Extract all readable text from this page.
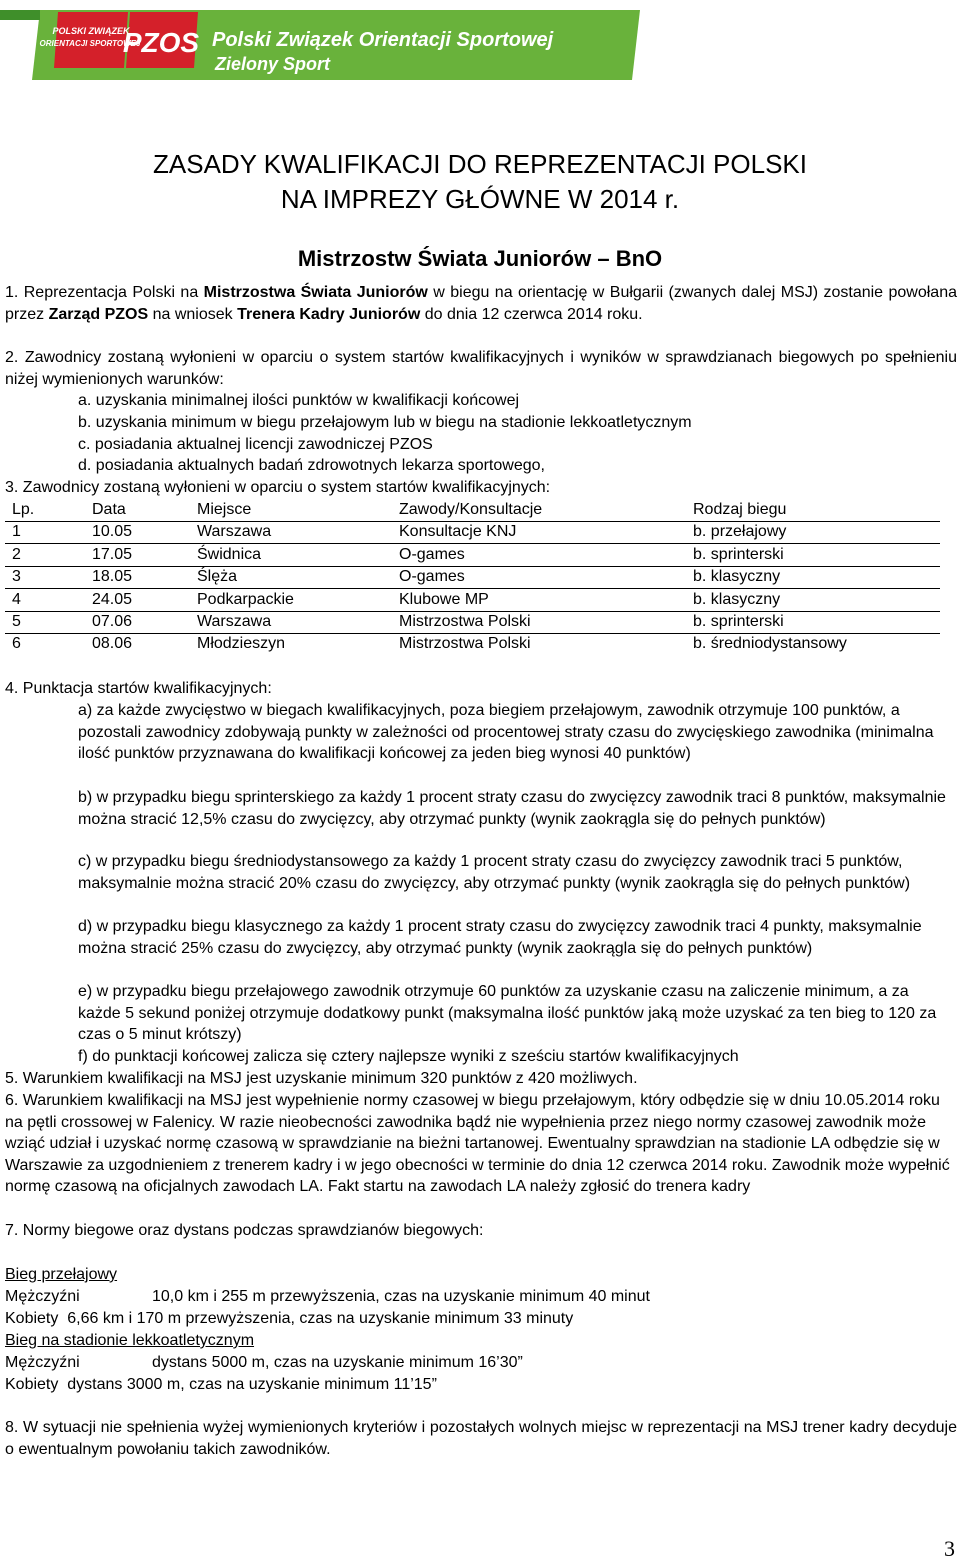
POLSKI ZWIĄZEK
ORIENTACJI SPORTOWEJ
PZOS Polski Związek Orientacji Sportowej
Zielony Sport
ZASADY KWALIFIKACJI DO REPREZENTACJI POLSKI
NA IMPREZY GŁÓWNE W 2014 r.
Mistrzostw Świata Juniorów – BnO
1. Reprezentacja Polski na Mistrzostwa Świata Juniorów w biegu na orientację w Bułgarii (zwanych dalej MSJ) zostanie powołana przez Zarząd PZOS na wniosek Trenera Kadry Juniorów do dnia 12 czerwca 2014 roku.
2. Zawodnicy zostaną wyłonieni w oparciu o system startów kwalifikacyjnych i wyników w sprawdzianach biegowych po spełnieniu niżej wymienionych warunków:
a. uzyskania minimalnej ilości punktów w kwalifikacji końcowej
b. uzyskania minimum w biegu przełajowym lub w biegu na stadionie lekkoatletycznym
c. posiadania aktualnej licencji zawodniczej PZOS
d. posiadania aktualnych badań zdrowotnych lekarza sportowego,
3. Zawodnicy zostaną wyłonieni w oparciu o system startów kwalifikacyjnych:
Lp.	Data	Miejsce	Zawody/Konsultacje	Rodzaj biegu
1	10.05	Warszawa	Konsultacje KNJ	b. przełajowy
2	17.05	Świdnica	O-games	b. sprinterski
3	18.05	Ślęża	O-games	b. klasyczny
4	24.05	Podkarpackie	Klubowe MP	b. klasyczny
5	07.06	Warszawa	Mistrzostwa Polski	b. sprinterski
6	08.06	Młodzieszyn	Mistrzostwa Polski	b. średniodystansowy
4. Punktacja startów kwalifikacyjnych:
a) za każde zwycięstwo w biegach kwalifikacyjnych, poza biegiem przełajowym, zawodnik otrzymuje 100 punktów, a pozostali zawodnicy zdobywają punkty w zależności od procentowej straty czasu do zwycięskiego zawodnika (minimalna ilość punktów przyznawana do kwalifikacji końcowej za jeden bieg wynosi 40 punktów)
b) w przypadku biegu sprinterskiego za każdy 1 procent straty czasu do zwycięzcy zawodnik traci 8 punktów, maksymalnie można stracić 12,5% czasu do zwycięzcy, aby otrzymać punkty (wynik zaokrągla się do pełnych punktów)
c) w przypadku biegu średniodystansowego za każdy 1 procent straty czasu do zwycięzcy zawodnik traci 5 punktów, maksymalnie można stracić 20% czasu do zwycięzcy, aby otrzymać punkty (wynik zaokrągla się do pełnych punktów)
d) w przypadku biegu klasycznego za każdy 1 procent straty czasu do zwycięzcy zawodnik traci 4 punkty, maksymalnie można stracić 25% czasu do zwycięzcy, aby otrzymać punkty (wynik zaokrągla się do pełnych punktów)
e) w przypadku biegu przełajowego zawodnik otrzymuje 60 punktów za uzyskanie czasu na zaliczenie minimum, a za każde 5 sekund poniżej otrzymuje dodatkowy punkt (maksymalna ilość punktów jaką może uzyskać za ten bieg to 120 za czas o 5 minut krótszy)
f) do punktacji końcowej zalicza się cztery najlepsze wyniki z sześciu startów kwalifikacyjnych
5. Warunkiem kwalifikacji na MSJ jest uzyskanie minimum 320 punktów z 420 możliwych.
6. Warunkiem kwalifikacji na MSJ jest wypełnienie normy czasowej w biegu przełajowym, który odbędzie się w dniu 10.05.2014 roku na pętli crossowej w Falenicy. W razie nieobecności zawodnika bądź nie wypełnienia przez niego normy czasowej zawodnik może wziąć udział i uzyskać normę czasową w sprawdzianie na bieżni tartanowej. Ewentualny sprawdzian na stadionie LA odbędzie się w Warszawie za uzgodnieniem z trenerem kadry i w jego obecności w terminie do dnia 12 czerwca 2014 roku. Zawodnik może wypełnić normę czasową na oficjalnych zawodach LA. Fakt startu na zawodach LA należy zgłosić do trenera kadry
7. Normy biegowe oraz dystans podczas sprawdzianów biegowych:
Bieg przełajowy
Mężczyźni	10,0 km i 255 m przewyższenia, czas na uzyskanie minimum 40 minut
Kobiety  6,66 km i 170 m przewyższenia, czas na uzyskanie minimum 33 minuty
Bieg na stadionie lekkoatletycznym
Mężczyźni	dystans 5000 m, czas na uzyskanie minimum 16’30”
Kobiety  dystans 3000 m, czas na uzyskanie minimum 11’15”
8. W sytuacji nie spełnienia wyżej wymienionych kryteriów i pozostałych wolnych miejsc w reprezentacji na MSJ trener kadry decyduje o ewentualnym powołaniu takich zawodników.
3
